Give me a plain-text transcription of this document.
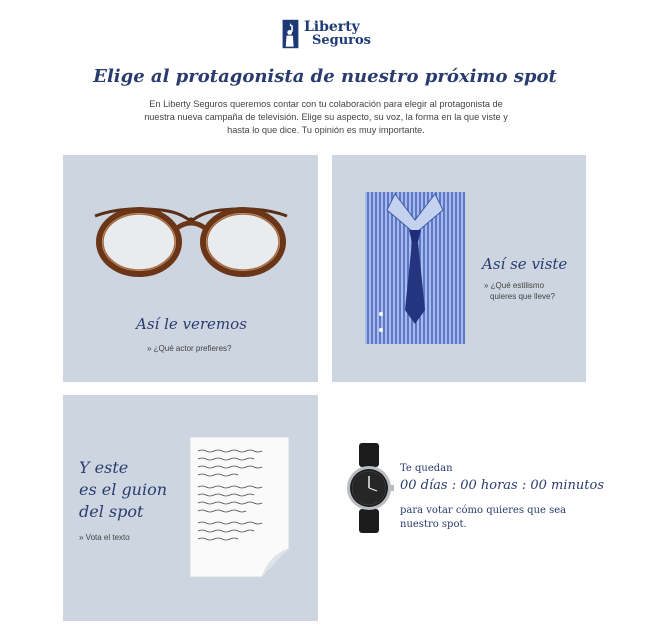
Liberty
Seguros
Elige al protagonista de nuestro próximo spot

En Liberty Seguros queremos contar con tu colaboración para elegir al protagonista de nuestra nueva campaña de televisión. Elige su aspecto, su voz, la forma en la que viste y hasta lo que dice. Tu opinión es muy importante.

Así le veremos
» ¿Qué actor prefieres?
Así se viste
» ¿Qué estilismo
quieres que lleve?
Y este
es el guion
del spot
» Vota el texto
Te quedan
00 días : 00 horas : 00 minutos
para votar cómo quieres que sea nuestro spot.
